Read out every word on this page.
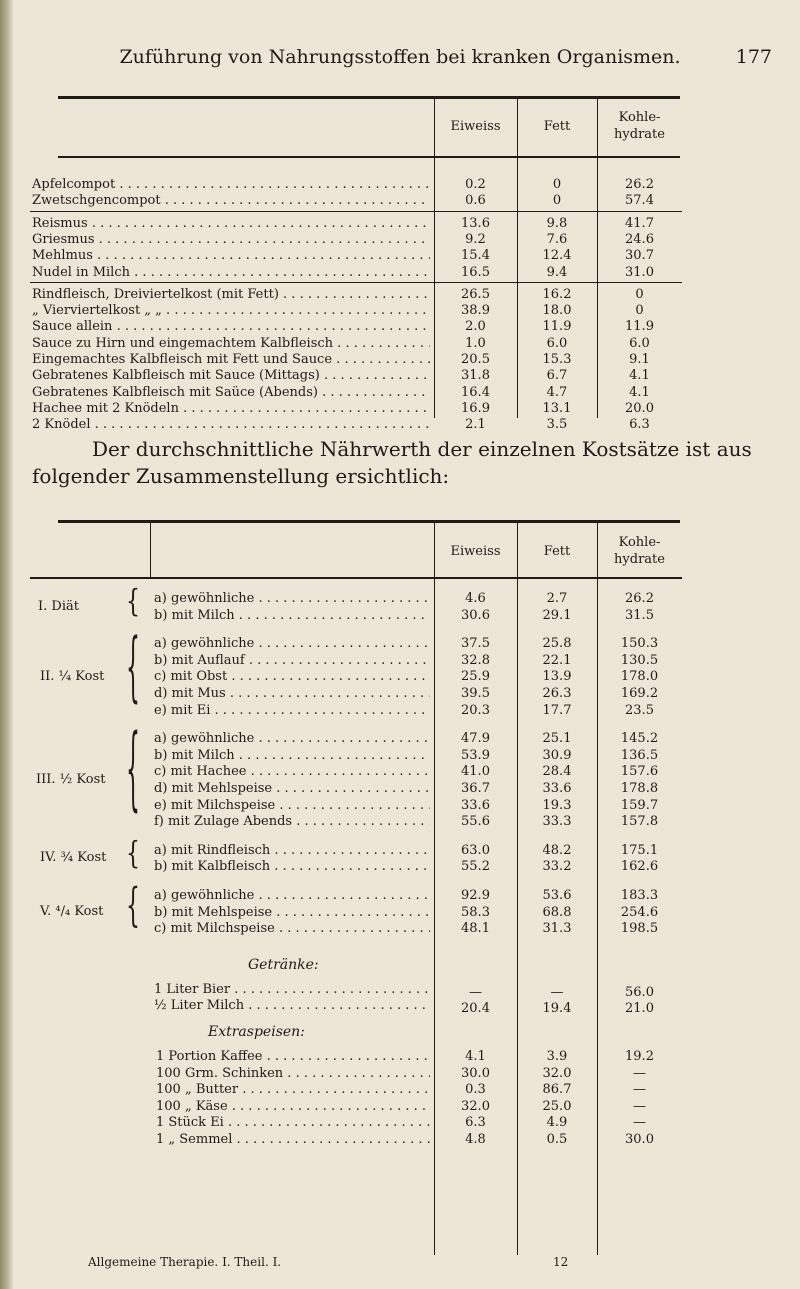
Zuführung von Nahrungsstoffen bei kranken Organismen.	177
Eiweiss	Fett
Kohle-
hydrate
Apfelcompot . . .	0.2	0	26.2
Zwetschgencompot . . .	0.6	0	57.4
Reismus . . .	13.6	9.8	41.7
Griesmus . . .	9.2	7.6	24.6
Mehlmus . . .	15.4	12.4	30.7
Nudel in Milch . . .	16.5	9.4	31.0
Rindfleisch, Dreiviertelkost (mit Fett) . . .	26.5	16.2	0
„ Vierviertelkost „ „ . . .	38.9	18.0	0
Sauce allein . . .	2.0	11.9	11.9
Sauce zu Hirn und eingemachtem Kalbfleisch . . .	1.0	6.0	6.0
Eingemachtes Kalbfleisch mit Fett und Sauce . . .	20.5	15.3	9.1
Gebratenes Kalbfleisch mit Sauce (Mittags) . . .	31.8	6.7	4.1
Gebratenes Kalbfleisch mit Saüce (Abends) . . .	16.4	4.7	4.1
Hachee mit 2 Knödeln . . .	16.9	13.1	20.0
2 Knödel . . .	2.1	3.5	6.3
Der durchschnittliche Nährwerth der einzelnen Kostsätze ist aus
folgender Zusammenstellung ersichtlich:
Eiweiss	Fett
Kohle-
hydrate
I. Diät { a) gewöhnliche . . .	4.6	2.7	26.2
b) mit Milch . . .	30.6	29.1	31.5
II. ¼ Kost { a) gewöhnliche . . .	37.5	25.8	150.3
b) mit Auflauf . . .	32.8	22.1	130.5
c) mit Obst . . .	25.9	13.9	178.0
d) mit Mus . . .	39.5	26.3	169.2
e) mit Ei . . .	20.3	17.7	23.5
III. ½ Kost { a) gewöhnliche . . .	47.9	25.1	145.2
b) mit Milch . . .	53.9	30.9	136.5
c) mit Hachee . . .	41.0	28.4	157.6
d) mit Mehlspeise . . .	36.7	33.6	178.8
e) mit Milchspeise . . .	33.6	19.3	159.7
f) mit Zulage Abends . . .	55.6	33.3	157.8
IV. ¾ Kost { a) mit Rindfleisch . . .	63.0	48.2	175.1
b) mit Kalbfleisch . . .	55.2	33.2	162.6
V. ⁴/₄ Kost { a) gewöhnliche . . .	92.9	53.6	183.3
b) mit Mehlspeise . . .	58.3	68.8	254.6
c) mit Milchspeise . . .	48.1	31.3	198.5
Getränke:
1 Liter Bier . . .	—	—	56.0
½ Liter Milch . . .	20.4	19.4	21.0
Extraspeisen:
1 Portion Kaffee . . .	4.1	3.9	19.2
100 Grm. Schinken . . .	30.0	32.0	—
100 „ Butter . . .	0.3	86.7	—
100 „ Käse . . .	32.0	25.0	—
1 Stück Ei . . .	6.3	4.9	—
1 „ Semmel . . .	4.8	0.5	30.0
Allgemeine Therapie. I. Theil. I.	12
